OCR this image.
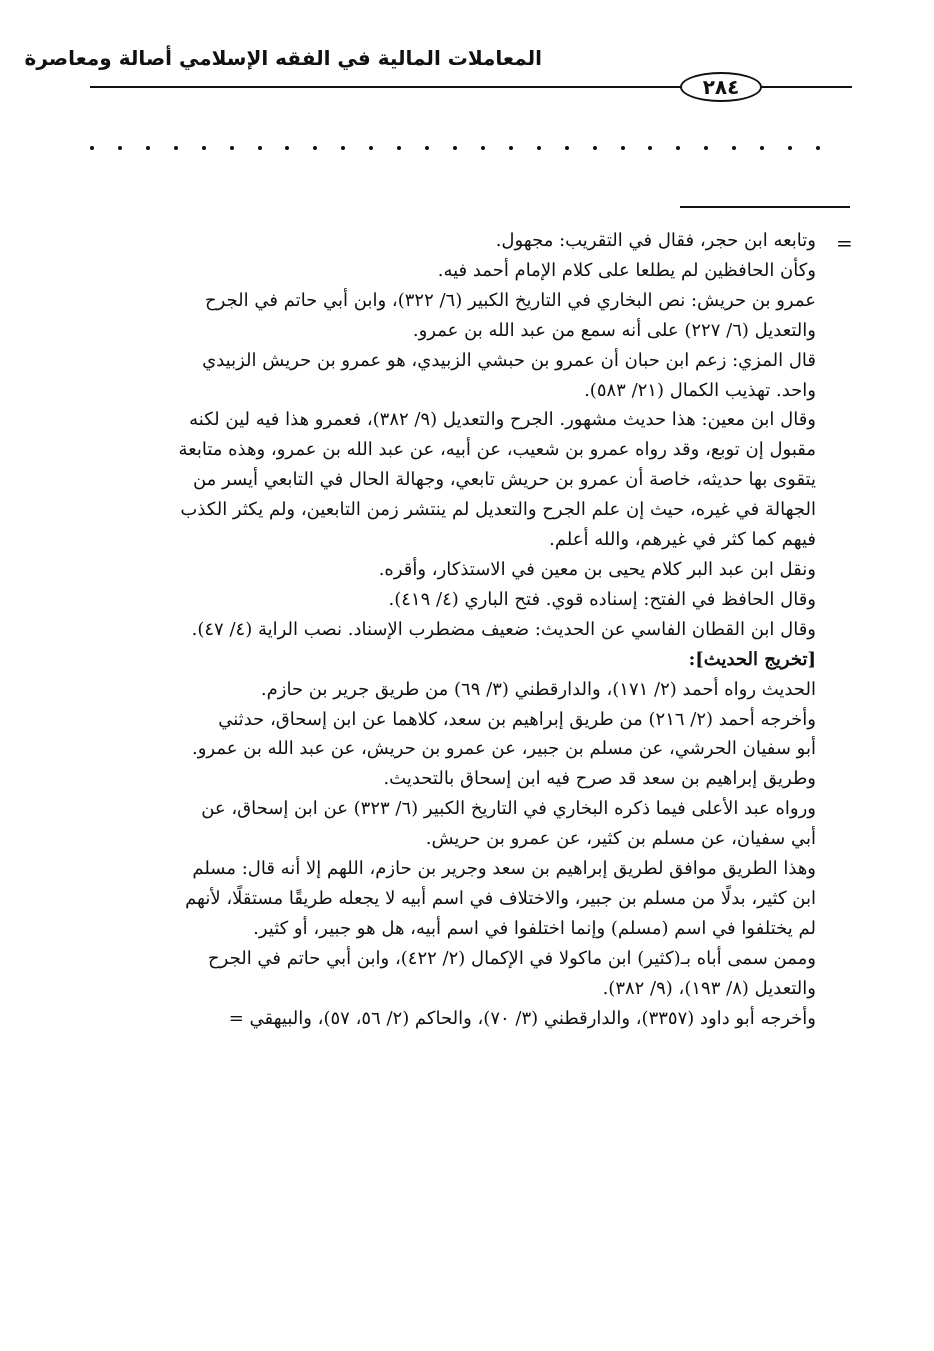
المعاملات المالية في الفقه الإسلامي أصالة ومعاصرة
٢٨٤
=

وتابعه ابن حجر، فقال في التقريب: مجهول.

وكأن الحافظين لم يطلعا على كلام الإمام أحمد فيه.

عمرو بن حريش: نص البخاري في التاريخ الكبير (٦/ ٣٢٢)، وابن أبي حاتم في الجرح

والتعديل (٦/ ٢٢٧) على أنه سمع من عبد الله بن عمرو.

قال المزي: زعم ابن حبان أن عمرو بن حبشي الزبيدي، هو عمرو بن حريش الزبيدي

واحد. تهذيب الكمال (٢١/ ٥٨٣).

وقال ابن معين: هذا حديث مشهور. الجرح والتعديل (٩/ ٣٨٢)، فعمرو هذا فيه لين لكنه

مقبول إن توبع، وقد رواه عمرو بن شعيب، عن أبيه، عن عبد الله بن عمرو، وهذه متابعة

يتقوى بها حديثه، خاصة أن عمرو بن حريش تابعي، وجهالة الحال في التابعي أيسر من

الجهالة في غيره، حيث إن علم الجرح والتعديل لم ينتشر زمن التابعين، ولم يكثر الكذب

فيهم كما كثر في غيرهم، والله أعلم.

ونقل ابن عبد البر كلام يحيى بن معين في الاستذكار، وأقره.

وقال الحافظ في الفتح: إسناده قوي. فتح الباري (٤/ ٤١٩).

وقال ابن القطان الفاسي عن الحديث: ضعيف مضطرب الإسناد. نصب الراية (٤/ ٤٧).

[تخريج الحديث]:

الحديث رواه أحمد (٢/ ١٧١)، والدارقطني (٣/ ٦٩) من طريق جرير بن حازم.

وأخرجه أحمد (٢/ ٢١٦) من طريق إبراهيم بن سعد، كلاهما عن ابن إسحاق، حدثني

أبو سفيان الحرشي، عن مسلم بن جبير، عن عمرو بن حريش، عن عبد الله بن عمرو.

وطريق إبراهيم بن سعد قد صرح فيه ابن إسحاق بالتحديث.

ورواه عبد الأعلى فيما ذكره البخاري في التاريخ الكبير (٦/ ٣٢٣) عن ابن إسحاق، عن

أبي سفيان، عن مسلم بن كثير، عن عمرو بن حريش.

وهذا الطريق موافق لطريق إبراهيم بن سعد وجرير بن حازم، اللهم إلا أنه قال: مسلم

ابن كثير، بدلًا من مسلم بن جبير، والاختلاف في اسم أبيه لا يجعله طريقًا مستقلًا، لأنهم

لم يختلفوا في اسم (مسلم) وإنما اختلفوا في اسم أبيه، هل هو جبير، أو كثير.

وممن سمى أباه بـ(كثير) ابن ماكولا في الإكمال (٢/ ٤٢٢)، وابن أبي حاتم في الجرح

والتعديل (٨/ ١٩٣)، (٩/ ٣٨٢).

وأخرجه أبو داود (٣٣٥٧)، والدارقطني (٣/ ٧٠)، والحاكم (٢/ ٥٦، ٥٧)، والبيهقي =
